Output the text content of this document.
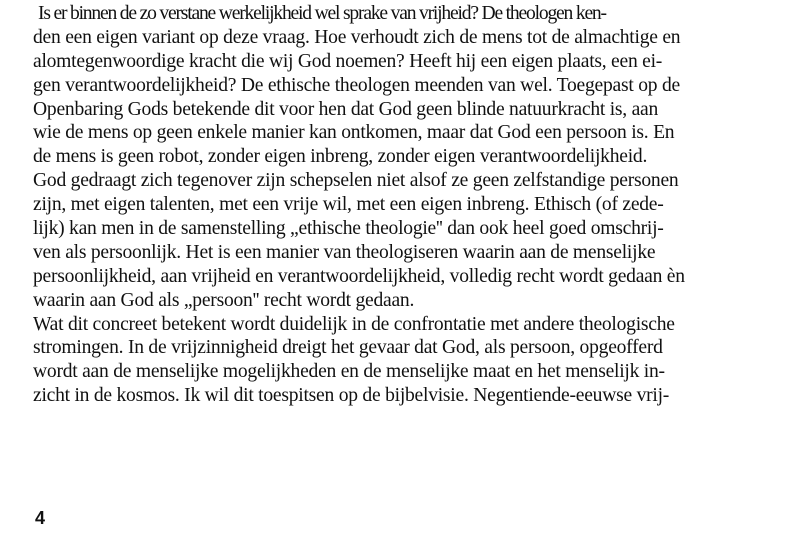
Is er binnen de zo verstane werkelijkheid wel sprake van vrijheid? De theologen ken-
den een eigen variant op deze vraag. Hoe verhoudt zich de mens tot de almachtige en
alomtegenwoordige kracht die wij God noemen? Heeft hij een eigen plaats, een ei-
gen verantwoordelijkheid? De ethische theologen meenden van wel. Toegepast op de
Openbaring Gods betekende dit voor hen dat God geen blinde natuurkracht is, aan
wie de mens op geen enkele manier kan ontkomen, maar dat God een persoon is. En
de mens is geen robot, zonder eigen inbreng, zonder eigen verantwoordelijkheid.
God gedraagt zich tegenover zijn schepselen niet alsof ze geen zelfstandige personen
zijn, met eigen talenten, met een vrije wil, met een eigen inbreng. Ethisch (of zede-
lijk) kan men in de samenstelling „ethische theologie'' dan ook heel goed omschrij-
ven als persoonlijk. Het is een manier van theologiseren waarin aan de menselijke
persoonlijkheid, aan vrijheid en verantwoordelijkheid, volledig recht wordt gedaan èn
waarin aan God als „persoon'' recht wordt gedaan.
Wat dit concreet betekent wordt duidelijk in de confrontatie met andere theologische
stromingen. In de vrijzinnigheid dreigt het gevaar dat God, als persoon, opgeofferd
wordt aan de menselijke mogelijkheden en de menselijke maat en het menselijk in-
zicht in de kosmos. Ik wil dit toespitsen op de bijbelvisie. Negentiende-eeuwse vrij-
4
